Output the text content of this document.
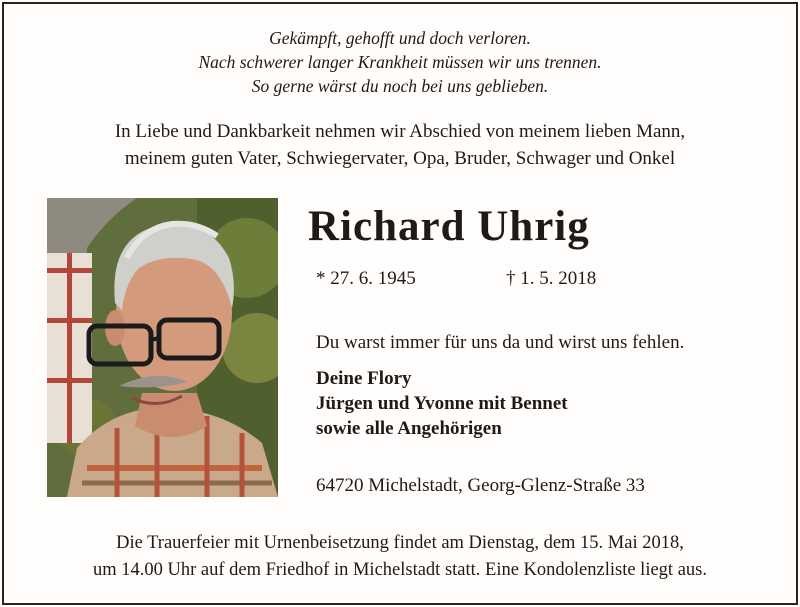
Gekämpft, gehofft und doch verloren.
Nach schwerer langer Krankheit müssen wir uns trennen.
So gerne wärst du noch bei uns geblieben.
In Liebe und Dankbarkeit nehmen wir Abschied von meinem lieben Mann,
meinem guten Vater, Schwiegervater, Opa, Bruder, Schwager und Onkel
Richard Uhrig
* 27. 6. 1945	† 1. 5. 2018
Du warst immer für uns da und wirst uns fehlen.
Deine Flory
Jürgen und Yvonne mit Bennet
sowie alle Angehörigen
64720 Michelstadt, Georg-Glenz-Straße 33
Die Trauerfeier mit Urnenbeisetzung findet am Dienstag, dem 15. Mai 2018,
um 14.00 Uhr auf dem Friedhof in Michelstadt statt. Eine Kondolenzliste liegt aus.
